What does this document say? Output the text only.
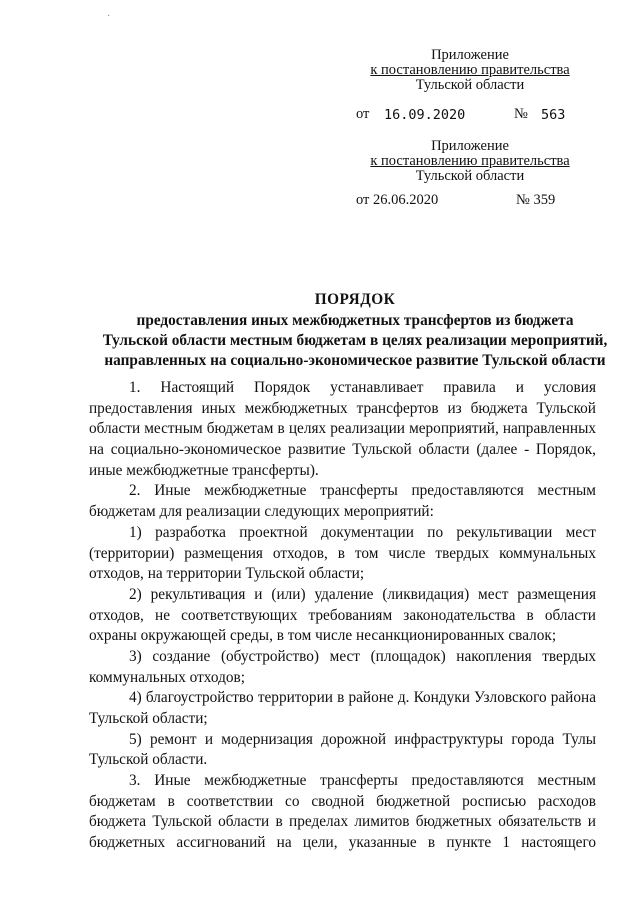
·
Приложение
к постановлению правительства
Тульской области
от 16.09.2020	№ 563
Приложение
к постановлению правительства
Тульской области
от 26.06.2020	№ 359
ПОРЯДОК
предоставления иных межбюджетных трансфертов из бюджета
Тульской области местным бюджетам в целях реализации мероприятий,
направленных на социально-экономическое развитие Тульской области
1. Настоящий Порядок устанавливает правила и условия
предоставления иных межбюджетных трансфертов из бюджета Тульской
области местным бюджетам в целях реализации мероприятий, направленных
на социально-экономическое развитие Тульской области (далее - Порядок,
иные межбюджетные трансферты).
2. Иные межбюджетные трансферты предоставляются местным
бюджетам для реализации следующих мероприятий:
1) разработка проектной документации по рекультивации мест
(территории) размещения отходов, в том числе твердых коммунальных
отходов, на территории Тульской области;
2) рекультивация и (или) удаление (ликвидация) мест размещения
отходов, не соответствующих требованиям законодательства в области
охраны окружающей среды, в том числе несанкционированных свалок;
3) создание (обустройство) мест (площадок) накопления твердых
коммунальных отходов;
4) благоустройство территории в районе д. Кондуки Узловского района
Тульской области;
5) ремонт и модернизация дорожной инфраструктуры города Тулы
Тульской области.
3. Иные межбюджетные трансферты предоставляются местным
бюджетам в соответствии со сводной бюджетной росписью расходов
бюджета Тульской области в пределах лимитов бюджетных обязательств и
бюджетных ассигнований на цели, указанные в пункте 1 настоящего
